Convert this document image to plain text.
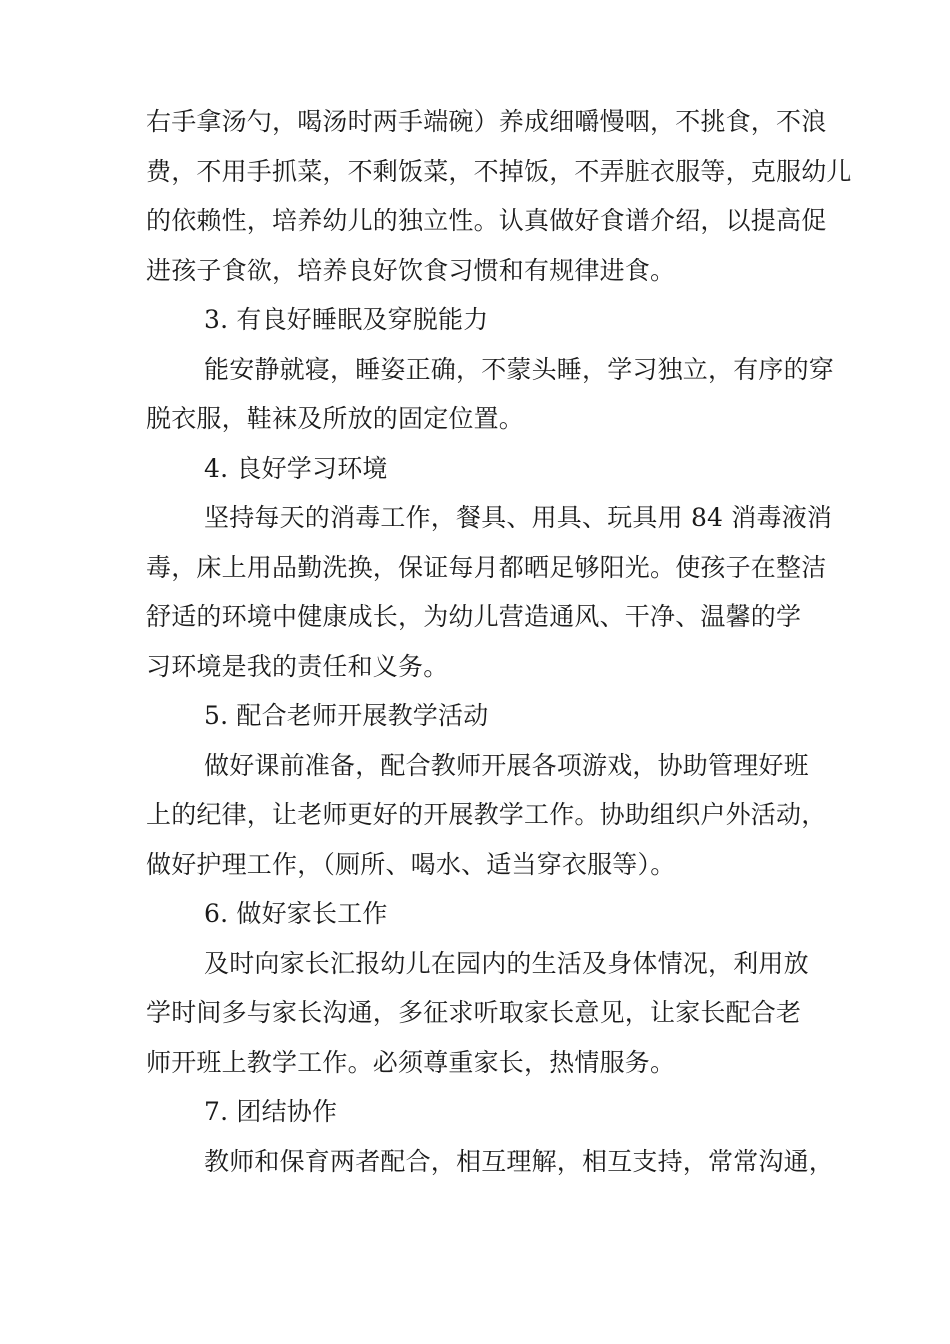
右手拿汤勺，喝汤时两手端碗）养成细嚼慢咽，不挑食，不浪
费，不用手抓菜，不剩饭菜，不掉饭，不弄脏衣服等，克服幼儿
的依赖性，培养幼儿的独立性。认真做好食谱介绍，以提高促
进孩子食欲，培养良好饮食习惯和有规律进食。
3. 有良好睡眠及穿脱能力
能安静就寝，睡姿正确，不蒙头睡，学习独立，有序的穿
脱衣服，鞋袜及所放的固定位置。
4. 良好学习环境
坚持每天的消毒工作，餐具、用具、玩具用 84 消毒液消
毒，床上用品勤洗换，保证每月都晒足够阳光。使孩子在整洁
舒适的环境中健康成长，为幼儿营造通风、干净、温馨的学
习环境是我的责任和义务。
5. 配合老师开展教学活动
做好课前准备，配合教师开展各项游戏，协助管理好班
上的纪律，让老师更好的开展教学工作。协助组织户外活动，
做好护理工作，（厕所、喝水、适当穿衣服等）。
6. 做好家长工作
及时向家长汇报幼儿在园内的生活及身体情况，利用放
学时间多与家长沟通，多征求听取家长意见，让家长配合老
师开班上教学工作。必须尊重家长，热情服务。
7. 团结协作
教师和保育两者配合，相互理解，相互支持，常常沟通，
